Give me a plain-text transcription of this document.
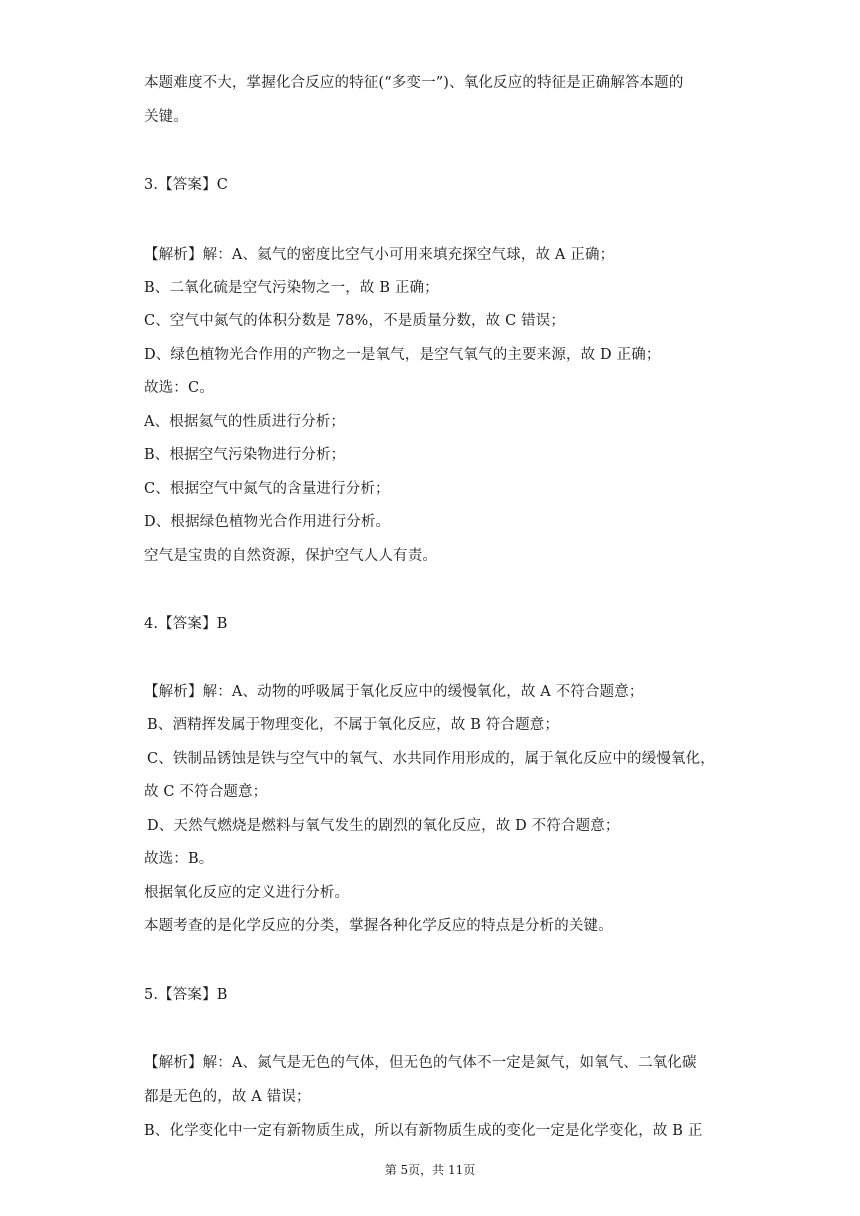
本题难度不大，掌握化合反应的特征(“多变一”)、氧化反应的特征是正确解答本题的
关键。
3.【答案】C
【解析】解：A、氦气的密度比空气小可用来填充探空气球，故 A 正确；
B、二氧化硫是空气污染物之一，故 B 正确；
C、空气中氮气的体积分数是 78%，不是质量分数，故 C 错误；
D、绿色植物光合作用的产物之一是氧气，是空气氧气的主要来源，故 D 正确；
故选：C。
A、根据氦气的性质进行分析；
B、根据空气污染物进行分析；
C、根据空气中氮气的含量进行分析；
D、根据绿色植物光合作用进行分析。
空气是宝贵的自然资源，保护空气人人有责。
4.【答案】B
【解析】解：A、动物的呼吸属于氧化反应中的缓慢氧化，故 A 不符合题意；
B、酒精挥发属于物理变化，不属于氧化反应，故 B 符合题意；
C、铁制品锈蚀是铁与空气中的氧气、水共同作用形成的，属于氧化反应中的缓慢氧化，
故 C 不符合题意；
D、天然气燃烧是燃料与氧气发生的剧烈的氧化反应，故 D 不符合题意；
故选：B。
根据氧化反应的定义进行分析。
本题考查的是化学反应的分类，掌握各种化学反应的特点是分析的关键。
5.【答案】B
【解析】解：A、氮气是无色的气体，但无色的气体不一定是氮气，如氧气、二氧化碳
都是无色的，故 A 错误；
B、化学变化中一定有新物质生成，所以有新物质生成的变化一定是化学变化，故 B 正
第 5页，共 11页
